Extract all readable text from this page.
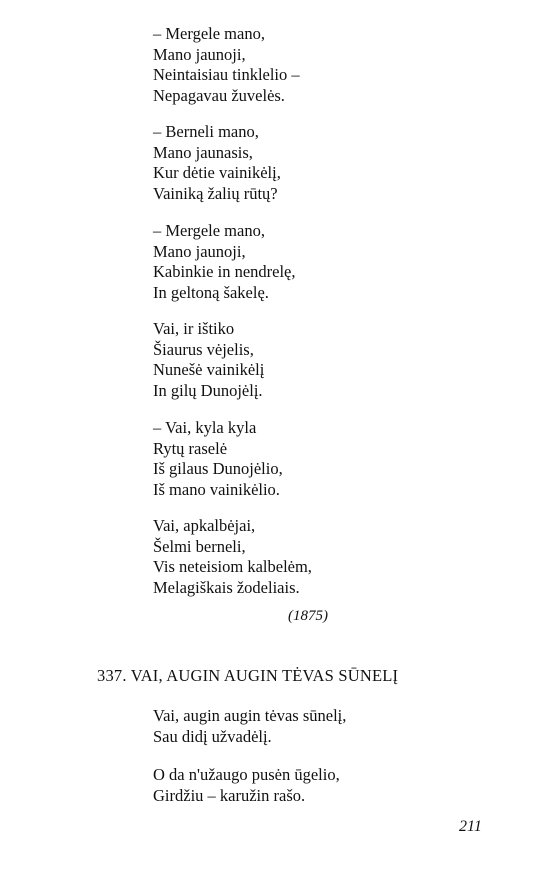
– Mergele mano,
Mano jaunoji,
Neintaisiau tinklelio –
Nepagavau žuvelės.
– Berneli mano,
Mano jaunasis,
Kur dėtie vainikėlį,
Vainiką žalių rūtų?
– Mergele mano,
Mano jaunoji,
Kabinkie in nendrelę,
In geltoną šakelę.
Vai, ir ištiko
Šiaurus vėjelis,
Nunešė vainikėlį
In gilų Dunojėlį.
– Vai, kyla kyla
Rytų raselė
Iš gilaus Dunojėlio,
Iš mano vainikėlio.
Vai, apkalbėjai,
Šelmi berneli,
Vis neteisiom kalbelėm,
Melagiškais žodeliais.

(1875)

337. VAI, AUGIN AUGIN TĖVAS SŪNELĮ
Vai, augin augin tėvas sūnelį,
Sau didį užvadėlį.
O da n'užaugo pusėn ūgelio,
Girdžiu – karužin rašo.

211
